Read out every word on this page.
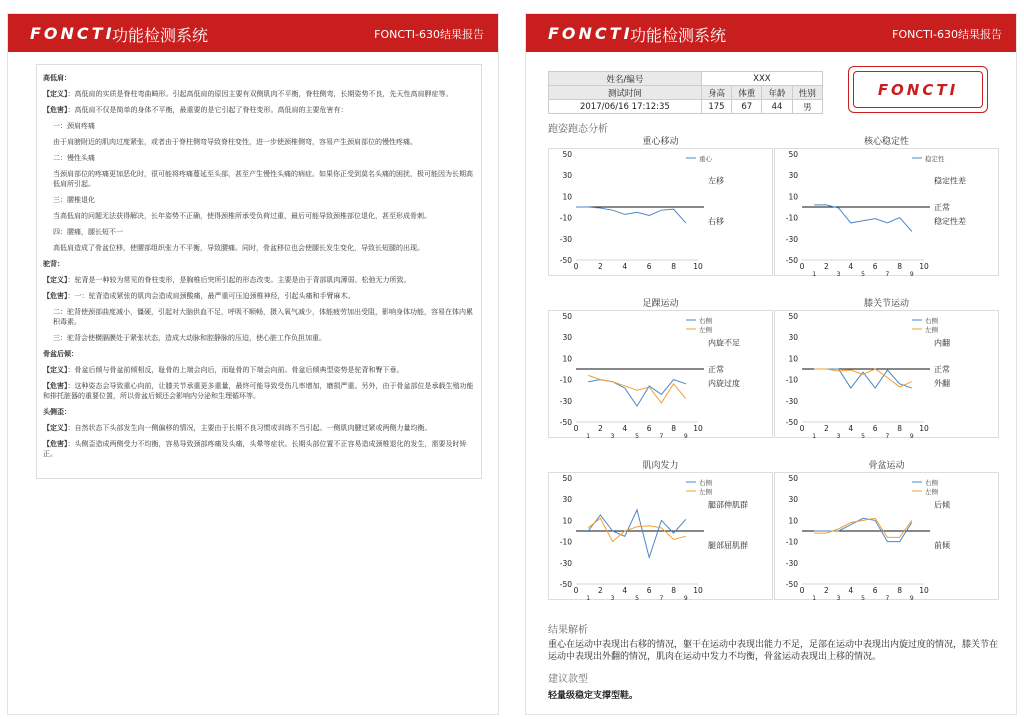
FONCTI
功能检测系统	FONCTI-630结果报告
高低肩：
【定义】：高低肩的实质是脊柱弯曲畸形。引起高低肩的原因主要有双侧肌肉不平衡，脊柱侧弯，长期姿势不良，先天性高肩胛症等。
【危害】：高低肩不仅是简单的身体不平衡，最重要的是它引起了脊柱变形。高低肩的主要危害有：
一：颈肩疼痛
由于肩膀附近的肌肉过度紧张，或者由于脊柱侧弯导致脊柱变性，进一步使颈椎侧弯，容易产生颈肩部位的慢性疼痛。
二：慢性头痛
当颈肩部位的疼痛更加恶化时，很可能将疼痛蔓延至头部，甚至产生慢性头痛的病症。如果你正受到莫名头痛的困扰，极可能因为长期高低肩所引起。
三：腰椎退化
当高低肩的问题无法获得解决，长年姿势不正确，使得颈椎所承受负荷过重，最后可能导致颈椎部位退化，甚至形成骨刺。
四：腰痛，腿长短不一
高低肩造成了骨盆位移，使腰部组织张力不平衡，导致腰痛。同时，骨盆移位也会使腿长发生变化，导致长短腿的出现。
驼背：
【定义】：驼背是一种较为常见的脊柱变形，是胸椎后突所引起的形态改变。主要是由于背部肌肉薄弱、松弛无力所致。
【危害】：一：驼背造成紧张的肌肉会造成肩颈酸痛，最严重可压迫颈椎神经，引起头痛和手臂麻木。
二：驼背使颈部曲度减小，僵硬，引起对大脑供血不足，呼吸不顺畅，摄入氧气减少，体能疲劳加出受阻，影响身体功能，容易在体内累积毒素。
三：驼背会使横膈膜处于紧张状态，造成大动脉和腔静脉的压迫，使心脏工作负担加重。
骨盆后倾：
【定义】：骨盆后倾与骨盆前倾相反，耻骨的上端会向后，而耻骨的下端会向前。骨盆后倾典型姿势是驼背和臀下垂。
【危害】：这种姿态会导致重心向前，让膝关节承重更多重量，最终可能导致受伤几率增加，磨损严重。另外，由于骨盆部位是承载生殖功能和排托脏器的重要位置，所以骨盆后倾还会影响内分泌和生理循环等。
头侧歪：
【定义】：自然状态下头部发生向一侧偏移的情况，主要由于长期不良习惯或训练不当引起。一侧肌肉腱过紧或两侧力量均衡。
【危害】：头侧歪造成两侧受力不均衡，容易导致颈部疼痛及头痛，头晕等症状。长期头部位置不正容易造成颈椎退化的发生，需要及时矫正。
FONCTI
功能检测系统	FONCTI-630结果报告
姓名/编号	XXX			
测试时间	身高	体重	年龄	性别
2017/06/16 17:12:35	175	67	44	男
FONCTI
跑姿跑态分析
重心移动
50
30
10
-10
-30
-50
0	2	4	6	8 10
重心
左移
右移
核心稳定性
50
30
10
-10
-30
-50
0	2	4	6	8 10
1	3	5	7	9
稳定性
稳定性差
正常
稳定性差
足踝运动
50
30
10
-10
-30
-50
0	2	4	6	8 10
1	3	5	7	9
右侧
左侧
内旋不足
正常
内旋过度
膝关节运动
50
30
10
-10
-30
-50
0	2	4	6	8 10
1	3	5	7	9
右侧
左侧
内翻
正常
外翻
肌肉发力
50
30
10
-10
-30
-50
0	2	4	6	8 10
1	3	5	7	9
右侧
左侧
腿部伸肌群
腿部屈肌群
骨盆运动
50
30
10
-10
-30
-50
0	2	4	6	8 10
1	3	5	7	9
右侧
左侧
后倾
前倾
结果解析
重心在运动中表现出右移的情况，躯干在运动中表现出能力不足，足部在运动中表现出内旋过度的情况，膝关节在运动中表现出外翻的情况，肌肉在运动中发力不均衡，骨盆运动表现出上移的情况。
建议款型
轻量级稳定支撑型鞋。
